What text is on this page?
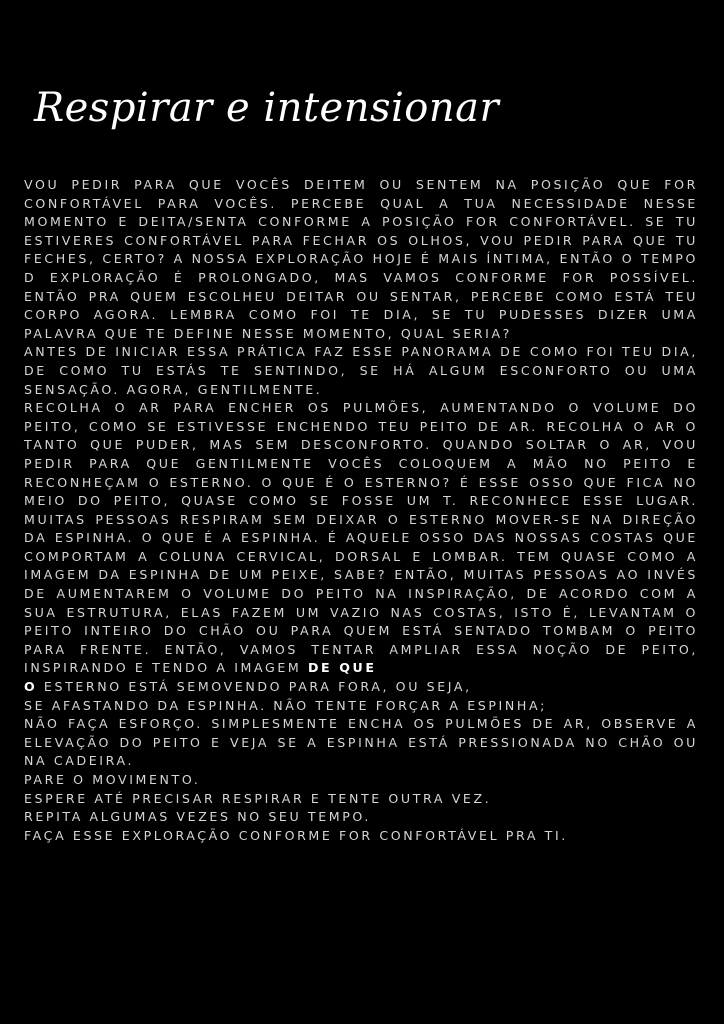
Respirar e intensionar

VOU PEDIR PARA QUE VOCÊS DEITEM OU SENTEM NA POSIÇÃO QUE FOR CONFORTÁVEL PARA VOCÊS. PERCEBE QUAL A TUA NECESSIDADE NESSE MOMENTO E DEITA/SENTA CONFORME A POSIÇÃO FOR CONFORTÁVEL. SE TU ESTIVERES CONFORTÁVEL PARA FECHAR OS OLHOS, VOU PEDIR PARA QUE TU FECHES, CERTO? A NOSSA EXPLORAÇÃO HOJE É MAIS ÍNTIMA, ENTÃO O TEMPO D EXPLORAÇÃO É PROLONGADO, MAS VAMOS CONFORME FOR POSSÍVEL. ENTÃO PRA QUEM ESCOLHEU DEITAR OU SENTAR, PERCEBE COMO ESTÁ TEU CORPO AGORA. LEMBRA COMO FOI TE DIA, SE TU PUDESSES DIZER UMA PALAVRA QUE TE DEFINE NESSE MOMENTO, QUAL SERIA?

ANTES DE INICIAR ESSA PRÁTICA FAZ ESSE PANORAMA DE COMO FOI TEU DIA, DE COMO TU ESTÁS TE SENTINDO, SE HÁ ALGUM ESCONFORTO OU UMA SENSAÇÃO. AGORA, GENTILMENTE.

RECOLHA O AR PARA ENCHER OS PULMÕES, AUMENTANDO O VOLUME DO PEITO, COMO SE ESTIVESSE ENCHENDO TEU PEITO DE AR. RECOLHA O AR O TANTO QUE PUDER, MAS SEM DESCONFORTO. QUANDO SOLTAR O AR, VOU PEDIR PARA QUE GENTILMENTE VOCÊS COLOQUEM A MÃO NO PEITO E RECONHEÇAM O ESTERNO. O QUE É O ESTERNO? É ESSE OSSO QUE FICA NO MEIO DO PEITO, QUASE COMO SE FOSSE UM T. RECONHECE ESSE LUGAR. MUITAS PESSOAS RESPIRAM SEM DEIXAR O ESTERNO MOVER-SE NA DIREÇÃO DA ESPINHA. O QUE É A ESPINHA. É AQUELE OSSO DAS NOSSAS COSTAS QUE COMPORTAM A COLUNA CERVICAL, DORSAL E LOMBAR. TEM QUASE COMO A IMAGEM DA ESPINHA DE UM PEIXE, SABE? ENTÃO, MUITAS PESSOAS AO INVÉS DE AUMENTAREM O VOLUME DO PEITO NA INSPIRAÇÃO, DE ACORDO COM A SUA ESTRUTURA, ELAS FAZEM UM VAZIO NAS COSTAS, ISTO É, LEVANTAM O PEITO INTEIRO DO CHÃO OU PARA QUEM ESTÁ SENTADO TOMBAM O PEITO PARA FRENTE. ENTÃO, VAMOS TENTAR AMPLIAR ESSA NOÇÃO DE PEITO, INSPIRANDO E TENDO A IMAGEM DE QUE
O ESTERNO ESTÁ SEMOVENDO PARA FORA, OU SEJA,

SE AFASTANDO DA ESPINHA. NÃO TENTE FORÇAR A ESPINHA;

NÃO FAÇA ESFORÇO. SIMPLESMENTE ENCHA OS PULMÕES DE AR, OBSERVE A ELEVAÇÃO DO PEITO E VEJA SE A ESPINHA ESTÁ PRESSIONADA NO CHÃO OU NA CADEIRA.

PARE O MOVIMENTO.

ESPERE ATÉ PRECISAR RESPIRAR E TENTE OUTRA VEZ.

REPITA ALGUMAS VEZES NO SEU TEMPO.

FAÇA ESSE EXPLORAÇÃO CONFORME FOR CONFORTÁVEL PRA TI.
